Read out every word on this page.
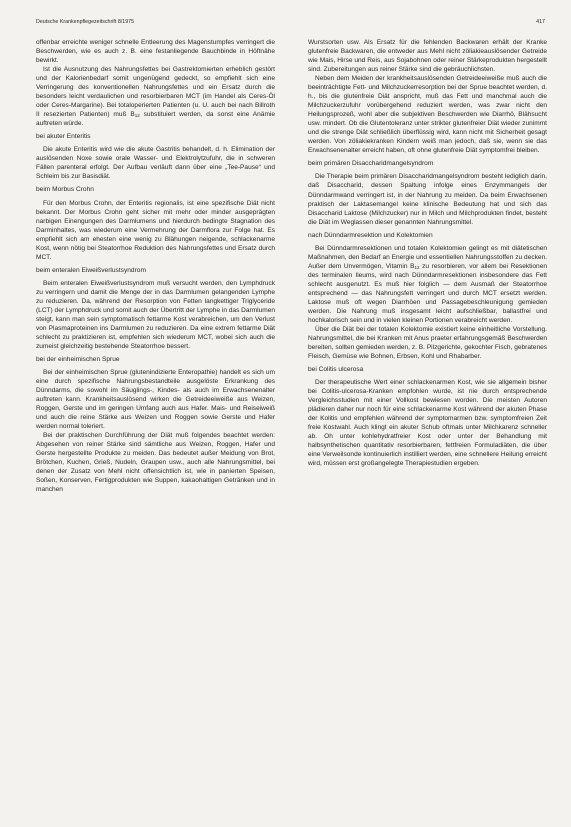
Deutsche Krankenpflegezeitschrift 8/1975	417

offenbar erreichte weniger schnelle Entleerung des Magenstumpfes verringert die Beschwerden, wie es auch z. B. eine festanliegende Bauchbinde in Höftnähe bewirkt.

Ist die Ausnutzung des Nahrungsfettes bei Gastrektomierten erheblich gestört und der Kalorienbedarf somit ungenügend gedeckt, so empfiehlt sich eine Verringerung des konventionellen Nahrungsfettes und ein Ersatz durch die besonders leicht verdaulichen und resorbierbaren MCT (im Handel als Ceres-Öl oder Ceres-Margarine). Bei totaloperierten Patienten (u. U. auch bei nach Billroth II resezierten Patienten) muß $B_{12}$ substituiert werden, da sonst eine Anämie auftreten würde.

bei akuter Enteritis

Die akute Enteritis wird wie die akute Gastritis behandelt, d. h. Elimination der auslösenden Noxe sowie orale Wasser- und Elektrolytzufuhr, die in schweren Fällen parenteral erfolgt. Der Aufbau verläuft dann über eine „Tee-Pause“ und Schleim bis zur Basisdiät.

beim Morbus Crohn

Für den Morbus Crohn, der Enteritis regionalis, ist eine spezifische Diät nicht bekannt. Der Morbus Crohn geht sicher mit mehr oder minder ausgeprägten narbigen Einengungen des Darmlumens und hierdurch bedingte Stagnation des Darminhaltes, was wiederum eine Vermehrung der Darmflora zur Folge hat. Es empfiehlt sich am ehesten eine wenig zu Blähungen neigende, schlackenarme Kost, wenn nötig bei Steatorrhoe Reduktion des Nahrungsfettes und Ersatz durch MCT.

beim enteralen Eiweißverlustsyndrom

Beim enteralen Eiweißverlustsyndrom muß versucht werden, den Lymphdruck zu verringern und damit die Menge der in das Darmlumen gelangenden Lymphe zu reduzieren. Da, während der Resorption von Fetten langkettiger Triglyceride (LCT) der Lymphdruck und somit auch der Übertritt der Lymphe in das Darmlumen steigt, kann man sein symptomatisch fettarme Kost verabreichen, um den Verlust von Plasmaproteinen ins Darmlumen zu reduzieren. Da eine extrem fettarme Diät schlecht zu praktizieren ist, empfehlen sich wiederum MCT, wobei sich auch die zumeist gleichzeitig bestehende Steatorrhoe bessert.

bei der einheimischen Sprue

Bei der einheimischen Sprue (glutenindizierte Enteropathie) handelt es sich um eine durch spezifische Nahrungsbestandteile ausgelöste Erkrankung des Dünndarms, die sowohl im Säuglings-, Kindes- als auch im Erwachsenenalter auftreten kann. Krankheitsauslösend wirken die Getreideeiweiße aus Weizen, Roggen, Gerste und im geringen Umfang auch aus Hafer. Mais- und Reiseiweiß und auch die reine Stärke aus Weizen und Roggen sowie Gerste und Hafer werden normal toleriert.

Bei der praktischen Durchführung der Diät muß folgendes beachtet werden: Abgesehen von reiner Stärke sind sämtliche aus Weizen, Roggen, Hafer und Gerste hergestellte Produkte zu meiden. Das bedeutet außer Meidung von Brot, Brötchen, Kuchen, Grieß, Nudeln, Graupen usw., auch alle Nahrungsmittel, bei denen der Zusatz von Mehl nicht offensichtlich ist, wie in panierten Speisen, Soßen, Konserven, Fertigprodukten wie Suppen, kakaohaltigen Getränken und in manchen

Wurstsorten usw. Als Ersatz für die fehlenden Backwaren erhält der Kranke glutenfreie Backwaren, die entweder aus Mehl nicht zöliakieauslösender Getreide wie Mais, Hirse und Reis, aus Sojabohnen oder reiner Stärkeprodukten hergestellt sind. Zubereitungen aus reiner Stärke sind die gebräuchlichsten.

Neben dem Meiden der krankheitsauslösenden Getreideeiweiße muß auch die beeinträchtigte Fett- und Milchzuckerresorption bei der Sprue beachtet werden, d. h., bis die glutenfreie Diät anspricht, muß das Fett und manchmal auch die Milchzuckerzufuhr vorübergehend reduziert werden, was zwar nicht den Heilungsprozeß, wohl aber die subjektiven Beschwerden wie Diarrhö, Blähsucht usw. mindert. Ob die Glutentoleranz unter strikter glutenfreier Diät wieder zunimmt und die strenge Diät schließlich überflüssig wird, kann nicht mit Sicherheit gesagt werden. Von zöliakiekranken Kindern weiß man jedoch, daß sie, wenn sie das Erwachsenenalter erreicht haben, oft ohne glutenfreie Diät symptomfrei bleiben.

beim primären Disaccharidmangelsyndrom

Die Therapie beim primären Disaccharidmangelsyndrom besteht lediglich darin, daß Disaccharid, dessen Spaltung infolge eines Enzymmangels der Dünndarmwand verringert ist, in der Nahrung zu meiden. Da beim Erwachsenen praktisch der Laktasemangel keine klinische Bedeutung hat und sich das Disaccharid Laktose (Milchzucker) nur in Milch und Milchprodukten findet, besteht die Diät im Weglassen dieser genannten Nahrungsmittel.

nach Dünndarmresektion und Kolektomien

Bei Dünndarmresektionen und totalen Kolektomien gelingt es mit diätetischen Maßnahmen, den Bedarf an Energie und essentiellen Nahrungsstoffen zu decken. Außer dem Unvermögen, Vitamin $B_{12}$ zu resorbieren, vor allem bei Resektionen des terminalen Ileums, wird nach Dünndarmresektionen insbesondere das Fett schlecht ausgenutzt. Es muß hier folglich — dem Ausmaß der Steatorrhoe entsprechend — das Nahrungsfett verringert und durch MCT ersetzt werden. Laktose muß oft wegen Diarrhöen und Passagebeschleunigung gemieden werden. Die Nahrung muß insgesamt leicht aufschließbar, ballastfrei und hochkalorisch sein und in vielen kleinen Portionen verabreicht werden.

Über die Diät bei der totalen Kolektomie existiert keine einheitliche Vorstellung. Nahrungsmittel, die bei Kranken mit Anus praeter erfahrungsgemäß Beschwerden bereiten, sollten gemieden werden, z. B. Pilzgerichte, gekochter Fisch, gebratenes Fleisch, Gemüse wie Bohnen, Erbsen, Kohl und Rhabarber.

bei Colitis ulcerosa

Der therapeutische Wert einer schlackenarmen Kost, wie sie allgemein bisher bei Colitis-ulcerosa-Kranken empfohlen wurde, ist nie durch entsprechende Vergleichsstudien mit einer Vollkost bewiesen worden. Die meisten Autoren plädieren daher nur noch für eine schlackenarme Kost während der akuten Phase der Kolitis und empfehlen während der symptomarmen bzw. symptomfreien Zeit freie Kostwahl. Auch klingt ein akuter Schub oftmals unter Milchkarenz schneller ab. Oh unter kohlehydratfreier Kost oder unter der Behandlung mit halbsynthetischen quantitativ resorbierbaren, fettfreien Formuladiäten, die über eine Verweilsonde kontinuierlich instilliert werden, eine schnellere Heilung erreicht wird, müssen erst großangelegte Therapiestudien ergeben.
